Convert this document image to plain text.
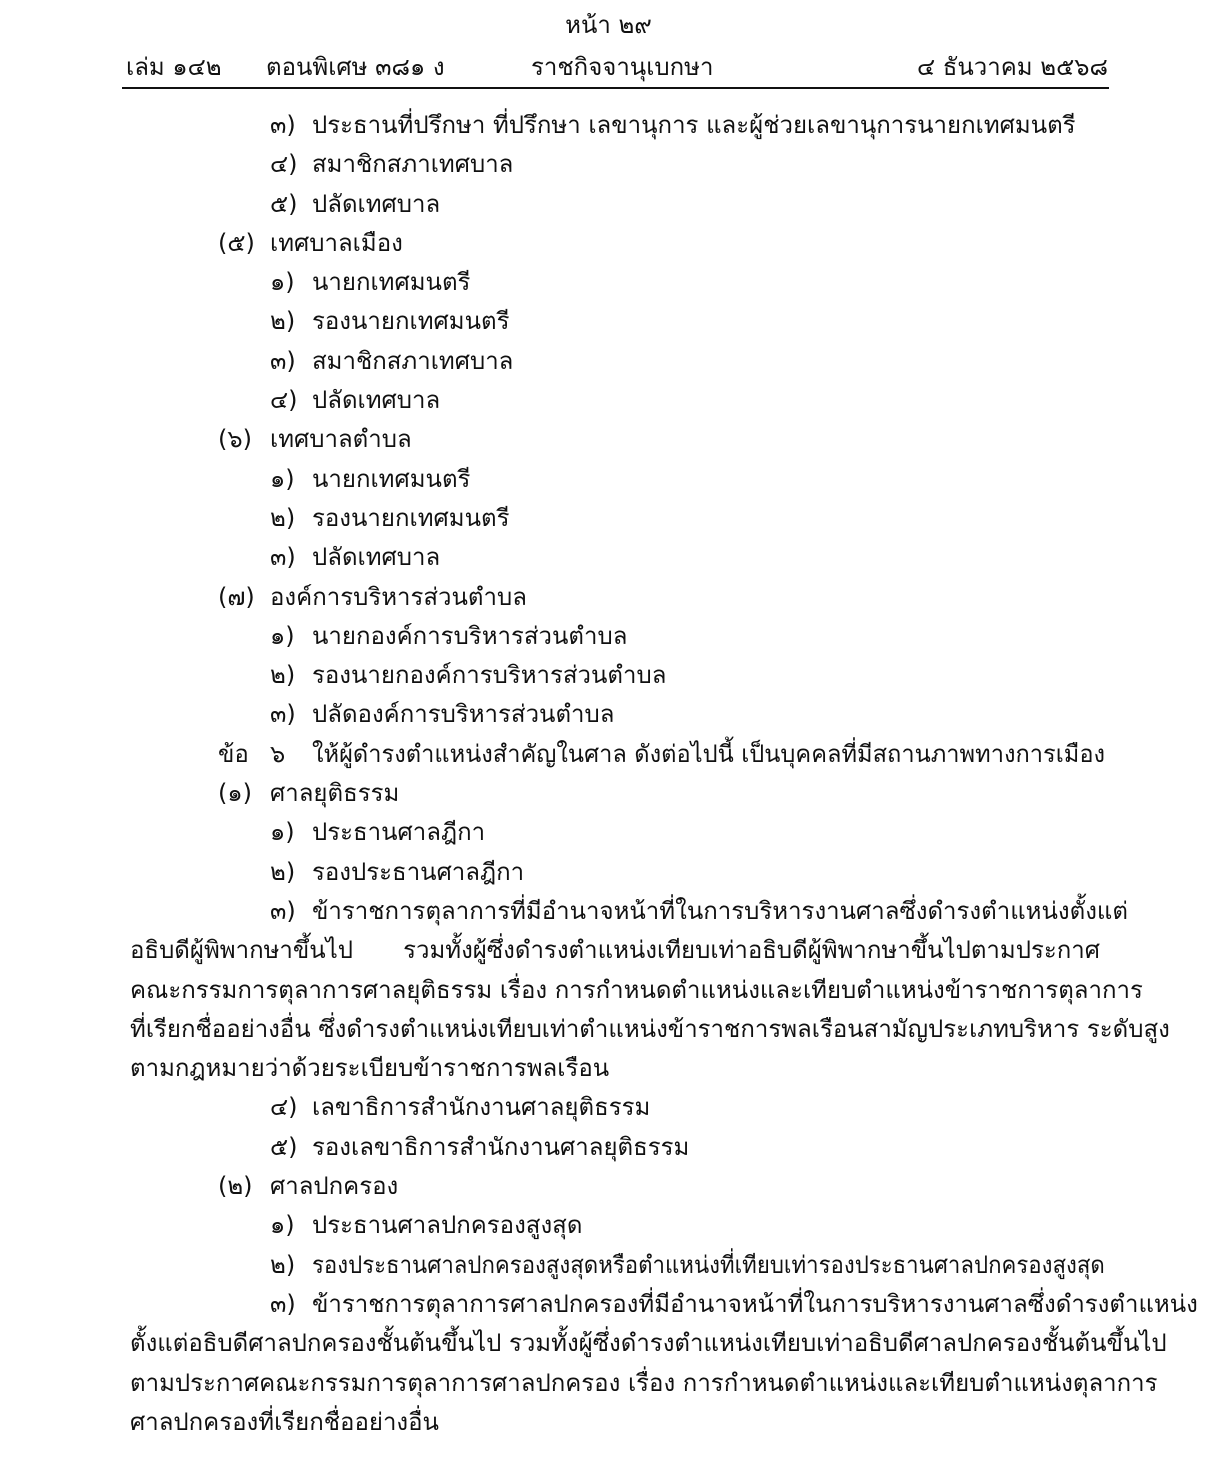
หน้า ๒๙
เล่ม ๑๔๒ ตอนพิเศษ ๓๘๑ ง	ราชกิจจานุเบกษา	๔ ธันวาคม ๒๕๖๘
๓) ประธานที่ปรึกษา ที่ปรึกษา เลขานุการ และผู้ช่วยเลขานุการนายกเทศมนตรี
๔) สมาชิกสภาเทศบาล
๕) ปลัดเทศบาล
(๕) เทศบาลเมือง
๑) นายกเทศมนตรี
๒) รองนายกเทศมนตรี
๓) สมาชิกสภาเทศบาล
๔) ปลัดเทศบาล
(๖) เทศบาลตำบล
๑) นายกเทศมนตรี
๒) รองนายกเทศมนตรี
๓) ปลัดเทศบาล
(๗) องค์การบริหารส่วนตำบล
๑) นายกองค์การบริหารส่วนตำบล
๒) รองนายกองค์การบริหารส่วนตำบล
๓) ปลัดองค์การบริหารส่วนตำบล
ข้อ ๖ ให้ผู้ดำรงตำแหน่งสำคัญในศาล ดังต่อไปนี้ เป็นบุคคลที่มีสถานภาพทางการเมือง
(๑) ศาลยุติธรรม
๑) ประธานศาลฎีกา
๒) รองประธานศาลฎีกา
๓) ข้าราชการตุลาการที่มีอำนาจหน้าที่ในการบริหารงานศาลซึ่งดำรงตำแหน่งตั้งแต่
อธิบดีผู้พิพากษาขึ้นไป รวมทั้งผู้ซึ่งดำรงตำแหน่งเทียบเท่าอธิบดีผู้พิพากษาขึ้นไปตามประกาศ
คณะกรรมการตุลาการศาลยุติธรรม เรื่อง การกำหนดตำแหน่งและเทียบตำแหน่งข้าราชการตุลาการ
ที่เรียกชื่ออย่างอื่น ซึ่งดำรงตำแหน่งเทียบเท่าตำแหน่งข้าราชการพลเรือนสามัญประเภทบริหาร ระดับสูง
ตามกฎหมายว่าด้วยระเบียบข้าราชการพลเรือน
๔) เลขาธิการสำนักงานศาลยุติธรรม
๕) รองเลขาธิการสำนักงานศาลยุติธรรม
(๒) ศาลปกครอง
๑) ประธานศาลปกครองสูงสุด
๒) รองประธานศาลปกครองสูงสุดหรือตำแหน่งที่เทียบเท่ารองประธานศาลปกครองสูงสุด
๓) ข้าราชการตุลาการศาลปกครองที่มีอำนาจหน้าที่ในการบริหารงานศาลซึ่งดำรงตำแหน่ง
ตั้งแต่อธิบดีศาลปกครองชั้นต้นขึ้นไป รวมทั้งผู้ซึ่งดำรงตำแหน่งเทียบเท่าอธิบดีศาลปกครองชั้นต้นขึ้นไป
ตามประกาศคณะกรรมการตุลาการศาลปกครอง เรื่อง การกำหนดตำแหน่งและเทียบตำแหน่งตุลาการ
ศาลปกครองที่เรียกชื่ออย่างอื่น
